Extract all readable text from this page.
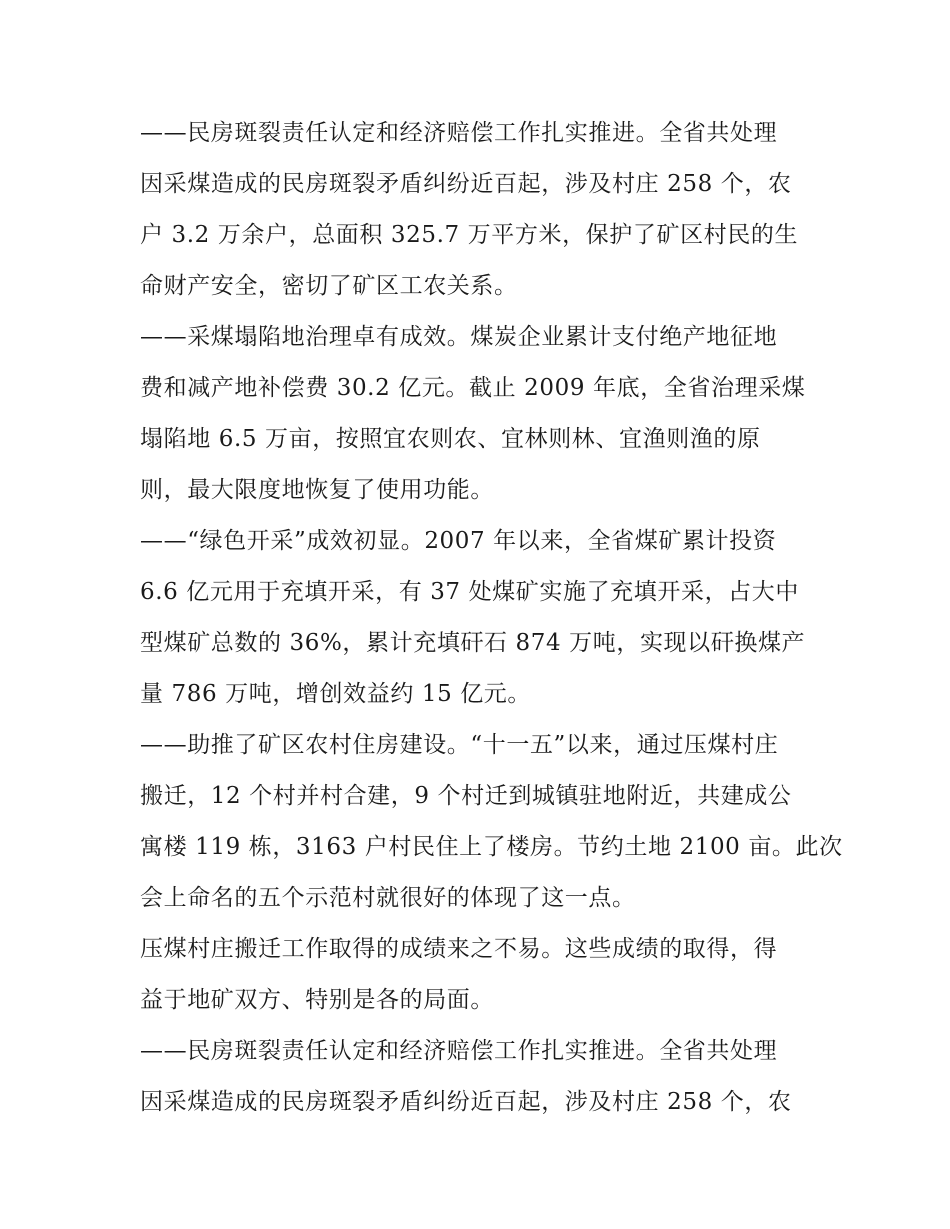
——民房斑裂责任认定和经济赔偿工作扎实推进。全省共处理
因采煤造成的民房斑裂矛盾纠纷近百起，涉及村庄 258 个，农
户 3.2 万余户，总面积 325.7 万平方米，保护了矿区村民的生
命财产安全，密切了矿区工农关系。
——采煤塌陷地治理卓有成效。煤炭企业累计支付绝产地征地
费和减产地补偿费 30.2 亿元。截止 2009 年底，全省治理采煤
塌陷地 6.5 万亩，按照宜农则农、宜林则林、宜渔则渔的原
则，最大限度地恢复了使用功能。
——“绿色开采”成效初显。2007 年以来，全省煤矿累计投资
6.6 亿元用于充填开采，有 37 处煤矿实施了充填开采，占大中
型煤矿总数的 36%，累计充填矸石 874 万吨，实现以矸换煤产
量 786 万吨，增创效益约 15 亿元。
——助推了矿区农村住房建设。“十一五”以来，通过压煤村庄
搬迁，12 个村并村合建，9 个村迁到城镇驻地附近，共建成公
寓楼 119 栋，3163 户村民住上了楼房。节约土地 2100 亩。此次
会上命名的五个示范村就很好的体现了这一点。
压煤村庄搬迁工作取得的成绩来之不易。这些成绩的取得，得
益于地矿双方、特别是各的局面。
——民房斑裂责任认定和经济赔偿工作扎实推进。全省共处理
因采煤造成的民房斑裂矛盾纠纷近百起，涉及村庄 258 个，农
